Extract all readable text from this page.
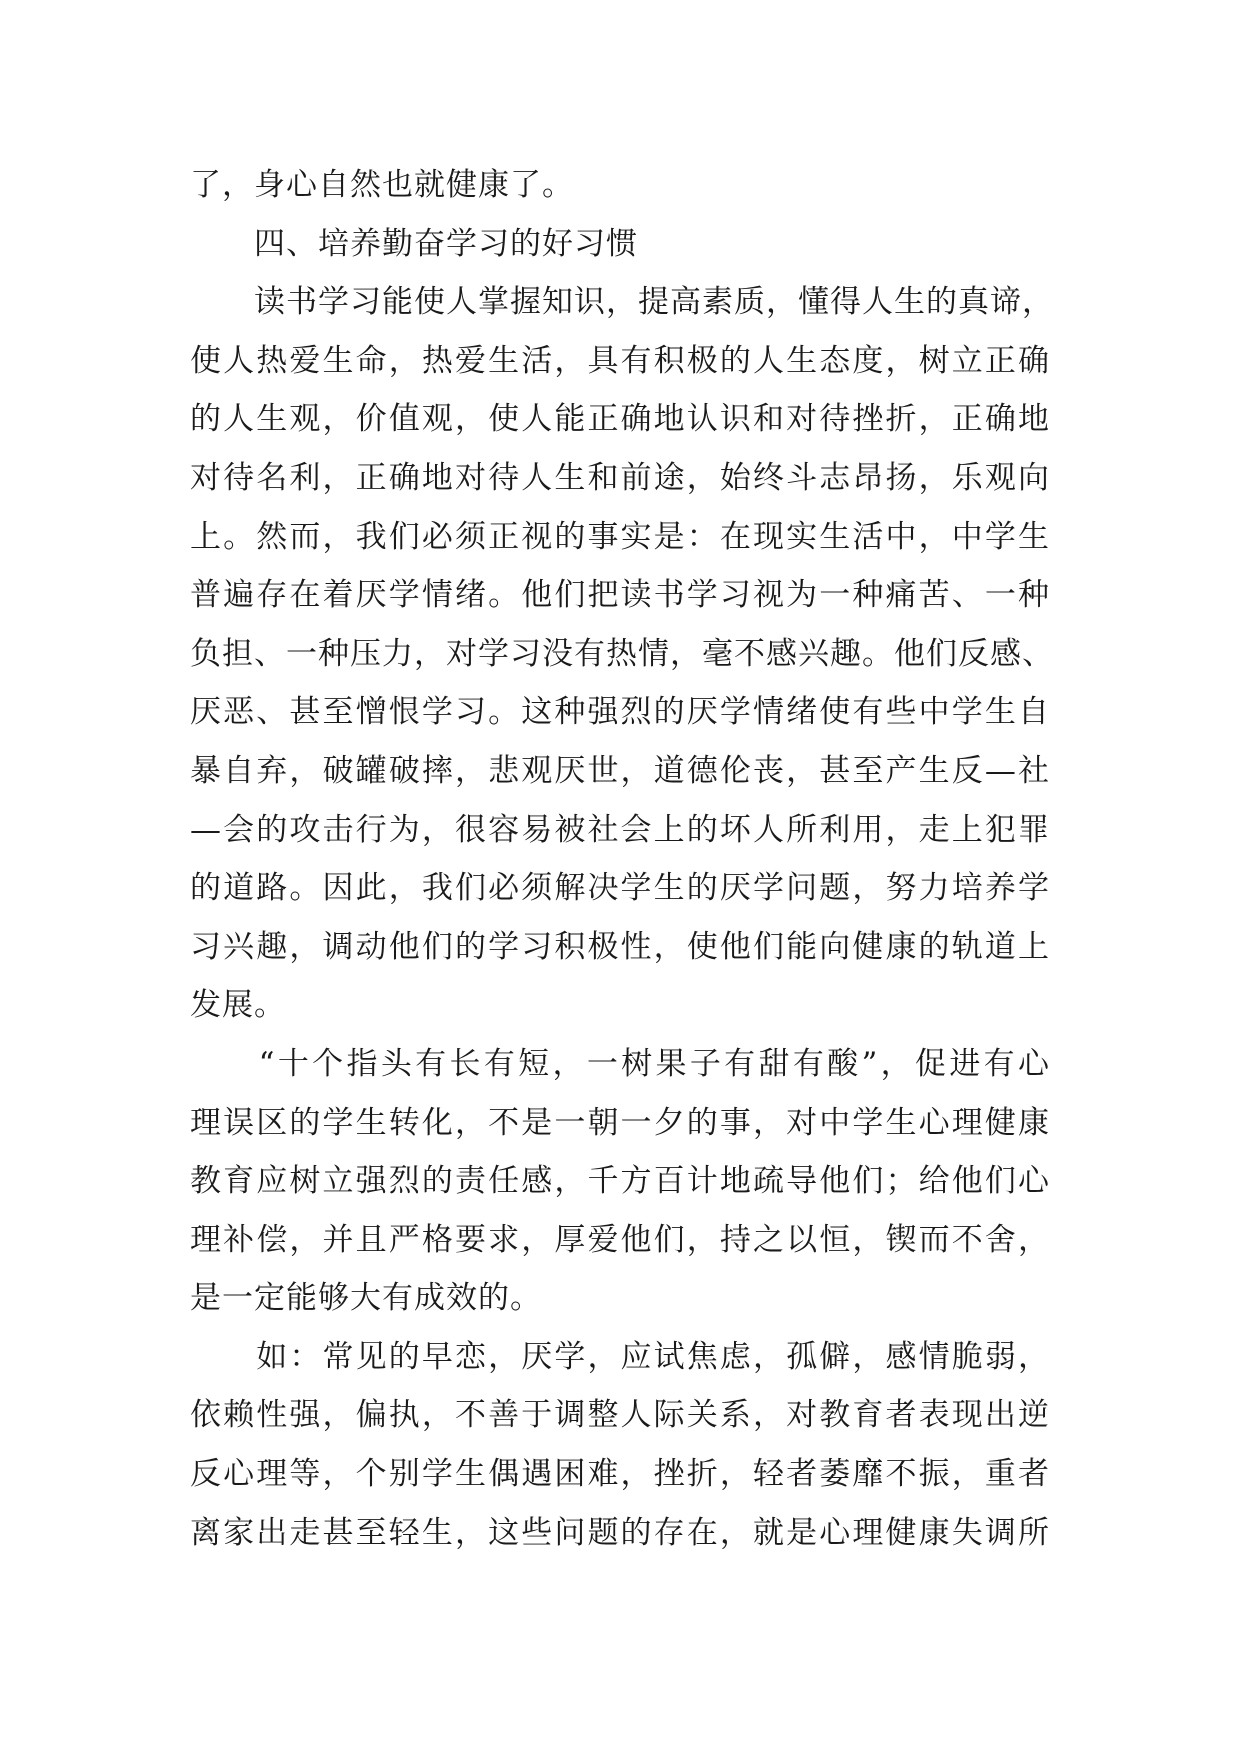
了，身心自然也就健康了。
　　四、培养勤奋学习的好习惯
　　读书学习能使人掌握知识，提高素质，懂得人生的真谛，
使人热爱生命，热爱生活，具有积极的人生态度，树立正确
的人生观，价值观，使人能正确地认识和对待挫折，正确地
对待名利，正确地对待人生和前途，始终斗志昂扬，乐观向
上。然而，我们必须正视的事实是：在现实生活中，中学生
普遍存在着厌学情绪。他们把读书学习视为一种痛苦、一种
负担、一种压力，对学习没有热情，毫不感兴趣。他们反感、
厌恶、甚至憎恨学习。这种强烈的厌学情绪使有些中学生自
暴自弃，破罐破摔，悲观厌世，道德伦丧，甚至产生反—社
—会的攻击行为，很容易被社会上的坏人所利用，走上犯罪
的道路。因此，我们必须解决学生的厌学问题，努力培养学
习兴趣，调动他们的学习积极性，使他们能向健康的轨道上
发展。
　　“十个指头有长有短，一树果子有甜有酸”，促进有心
理误区的学生转化，不是一朝一夕的事，对中学生心理健康
教育应树立强烈的责任感，千方百计地疏导他们；给他们心
理补偿，并且严格要求，厚爱他们，持之以恒，锲而不舍，
是一定能够大有成效的。
　　如：常见的早恋，厌学，应试焦虑，孤僻，感情脆弱，
依赖性强，偏执，不善于调整人际关系，对教育者表现出逆
反心理等，个别学生偶遇困难，挫折，轻者萎靡不振，重者
离家出走甚至轻生，这些问题的存在，就是心理健康失调所
